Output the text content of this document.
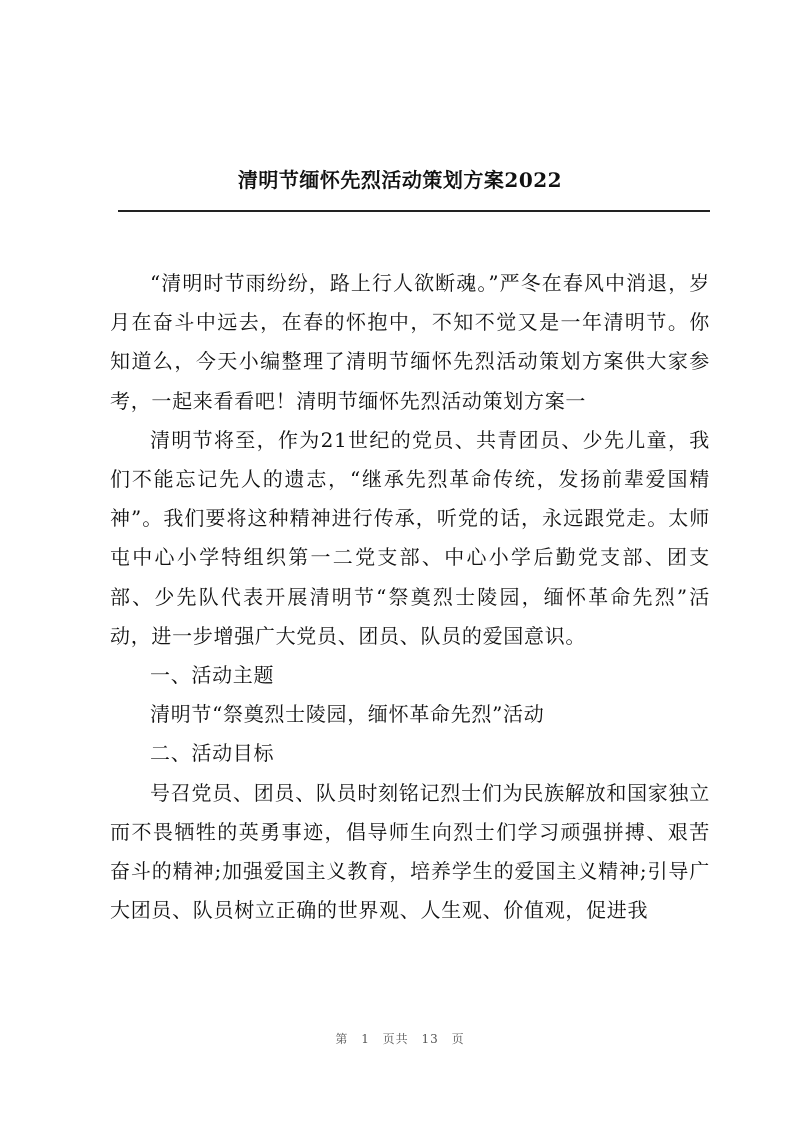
清明节缅怀先烈活动策划方案2022

“清明时节雨纷纷，路上行人欲断魂。”严冬在春风中消退，岁月在奋斗中远去，在春的怀抱中，不知不觉又是一年清明节。你知道么，今天小编整理了清明节缅怀先烈活动策划方案供大家参考，一起来看看吧！清明节缅怀先烈活动策划方案一

清明节将至，作为21世纪的党员、共青团员、少先儿童，我们不能忘记先人的遗志，“继承先烈革命传统，发扬前辈爱国精神”。我们要将这种精神进行传承，听党的话，永远跟党走。太师屯中心小学特组织第一二党支部、中心小学后勤党支部、团支部、少先队代表开展清明节“祭奠烈士陵园，缅怀革命先烈”活动，进一步增强广大党员、团员、队员的爱国意识。

一、活动主题

清明节“祭奠烈士陵园，缅怀革命先烈”活动

二、活动目标

号召党员、团员、队员时刻铭记烈士们为民族解放和国家独立而不畏牺牲的英勇事迹，倡导师生向烈士们学习顽强拼搏、艰苦奋斗的精神;加强爱国主义教育，培养学生的爱国主义精神;引导广大团员、队员树立正确的世界观、人生观、价值观，促进我

第 1 页共 13 页
